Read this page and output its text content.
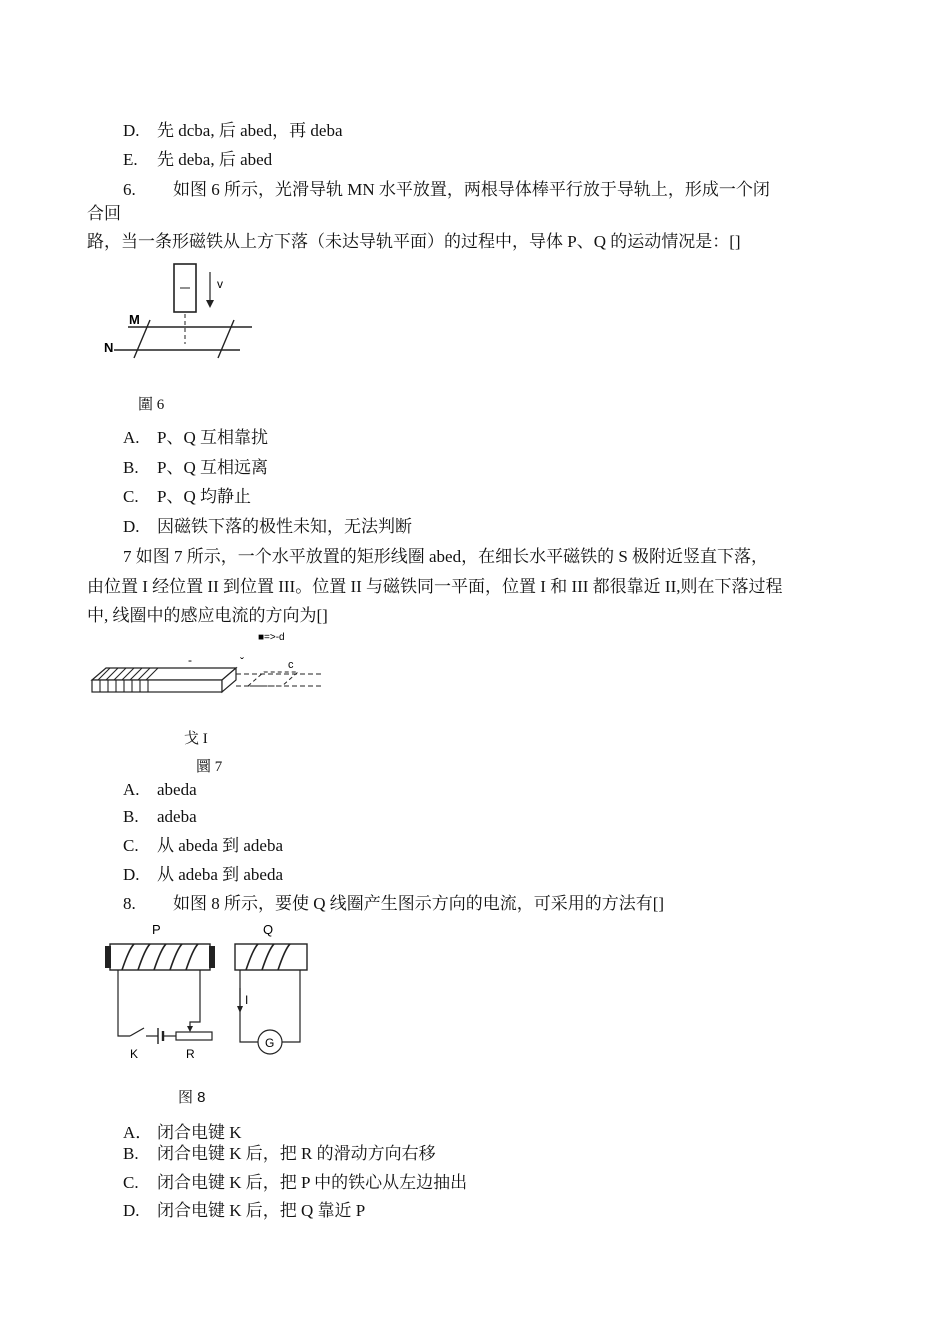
D. 先 dcba, 后 abed，再 deba
E. 先 deba, 后 abed
6. 如图 6 所示，光滑导轨 MN 水平放置，两根导体棒平行放于导轨上，形成一个闭
合回
路，当一条形磁铁从上方下落（未达导轨平面）的过程中，导体 P、Q 的运动情况是：[]
v
M
N
圍 6
A. P、Q 互相靠扰
B. P、Q 互相远离
C. P、Q 均静止
D. 因磁铁下落的极性未知，无法判断
7 如图 7 所示，一个水平放置的矩形线圈 abed，在细长水平磁铁的 S 极附近竖直下落，
由位置 I 经位置 II 到位置 III。位置 II 与磁铁同一平面，位置 I 和 III 都很靠近 II,则在下落过程
中, 线圈中的感应电流的方向为[]
■=>-d
-	ˇ	c
戈 I
圜 7
A. abeda
B. adeba
C. 从 abeda 到 adeba
D. 从 adeba 到 abeda
8. 如图 8 所示，要使 Q 线圈产生图示方向的电流，可采用的方法有[]
P	Q
K	R
I
G
图 8
A． 闭合电键 K
B. 闭合电键 K 后，把 R 的滑动方向右移
C. 闭合电键 K 后，把 P 中的铁心从左边抽出
D. 闭合电键 K 后，把 Q 靠近 P
